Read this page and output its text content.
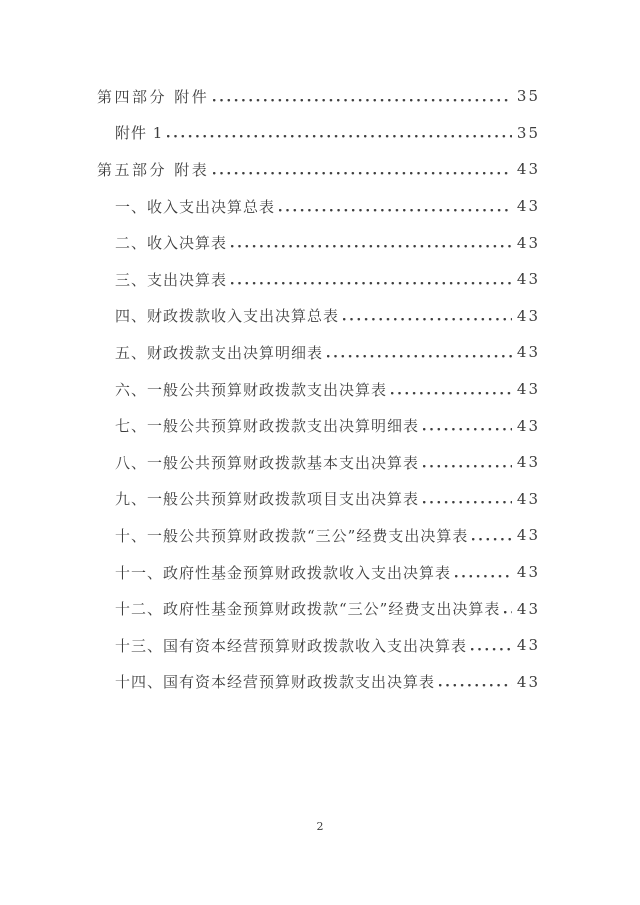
第四部分 附件	35
附件 1	35
第五部分 附表	43
一、收入支出决算总表	43
二、收入决算表	43
三、支出决算表	43
四、财政拨款收入支出决算总表	43
五、财政拨款支出决算明细表	43
六、一般公共预算财政拨款支出决算表	43
七、一般公共预算财政拨款支出决算明细表	43
八、一般公共预算财政拨款基本支出决算表	43
九、一般公共预算财政拨款项目支出决算表	43
十、一般公共预算财政拨款“三公”经费支出决算表	43
十一、政府性基金预算财政拨款收入支出决算表	43
十二、政府性基金预算财政拨款“三公”经费支出决算表 43
十三、国有资本经营预算财政拨款收入支出决算表	43
十四、国有资本经营预算财政拨款支出决算表	43
2
